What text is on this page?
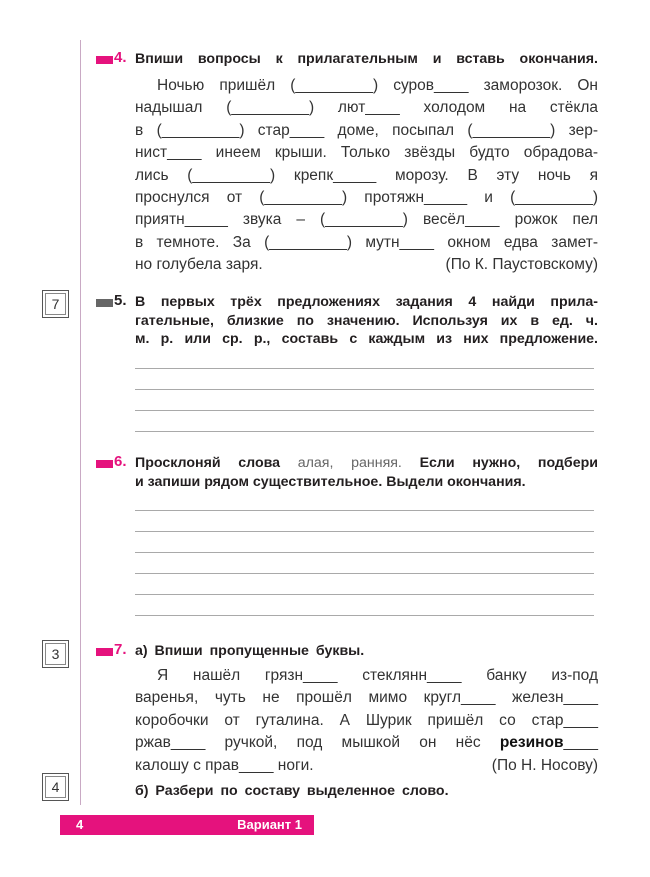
4. Впиши вопросы к прилагательным и вставь окончания.
Ночью пришёл (_________) суров____ заморозок. Он
надышал (_________) лют____ холодом на стёкла
в (_________) стар____ доме, посыпал (_________) зер-
нист____ инеем крыши. Только звёзды будто обрадова-
лись (_________) крепк_____ морозу. В эту ночь я
проснулся от (_________) протяжн_____ и (_________)
приятн_____ звука – (_________) весёл____ рожок пел
в темноте. За (_________) мутн____ окном едва замет-
но голубела заря.	(По К. Паустовскому)
7	5. В первых трёх предложениях задания 4 найди прила-
гательные, близкие по значению. Используя их в ед. ч.
м. р. или ср. р., составь с каждым из них предложение.
6. Просклоняй слова алая, ранняя. Если нужно, подбери
и запиши рядом существительное. Выдели окончания.
3	7. а) Впиши пропущенные буквы.
Я нашёл грязн____ стеклянн____ банку из-под
варенья, чуть не прошёл мимо кругл____ железн____
коробочки от гуталина. А Шурик пришёл со стар____
ржав____ ручкой, под мышкой он нёс резинов____
калошу с прав____ ноги.	(По Н. Носову)
4	б) Разбери по составу выделенное слово.
4	Вариант 1
